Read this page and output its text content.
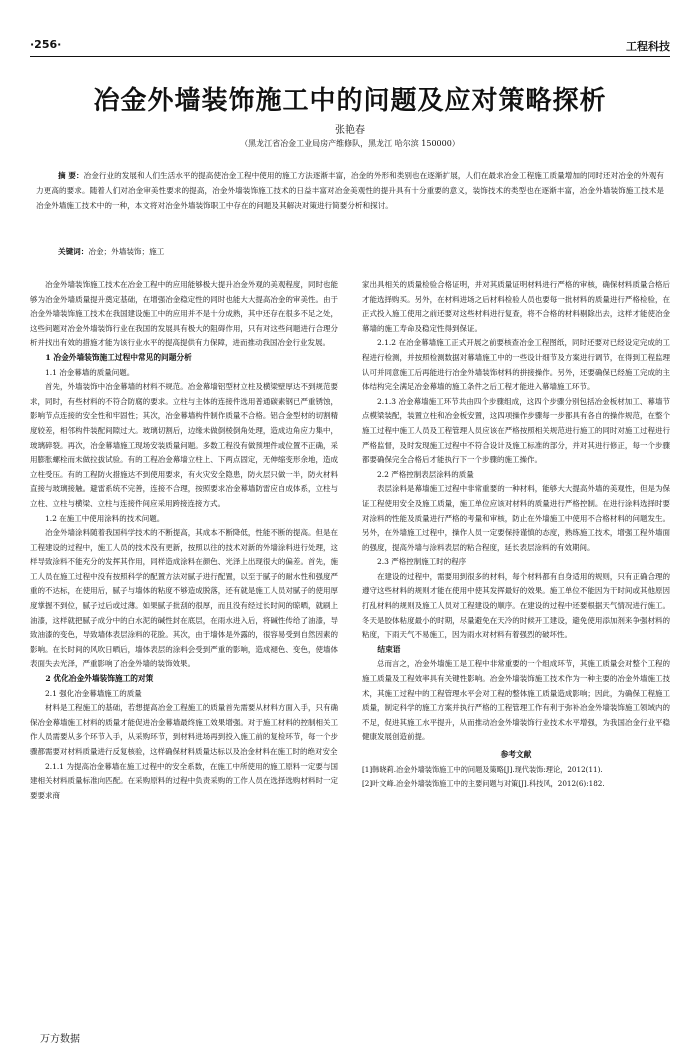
·256·	工程科技
冶金外墙装饰施工中的问题及应对策略探析
张艳春
（黑龙江省冶金工业局房产维修队，黑龙江 哈尔滨 150000）

摘 要：冶金行业的发展和人们生活水平的提高使冶金工程中使用的施工方法逐渐丰富，冶金的外形和类别也在逐渐扩展，人们在最求冶金工程施工质量增加的同时还对冶金的外观有力更高的要求。随着人们对冶金审美性要求的提高，冶金外墙装饰施工技术的日益丰富对冶金美观性的提升具有十分重要的意义，装饰技术的类型也在逐渐丰富，冶金外墙装饰施工技术是冶金外墙施工技术中的一种，本文将对冶金外墙装饰职工中存在的问题及其解决对策进行简要分析和探讨。

关键词：冶金；外墙装饰；施工

冶金外墙装饰施工技术在冶金工程中的应用能够极大提升冶金外观的美观程度，同时也能够为冶金外墙质量提升奠定基础，在增强冶金稳定性的同时也能大大提高冶金的审美性。由于冶金外墙装饰施工技术在我国建设施工中的应用并不是十分成熟，其中还存在很多不足之处，这些问题对冶金外墙装饰行业在我国的发展具有极大的阻碍作用，只有对这些问题进行合理分析并找出有效的措施才能为该行业水平的提高提供有力保障，进而推动我国冶金行业发展。

1 冶金外墙装饰施工过程中常见的问题分析
1.1 冶金幕墙的质量问题。

首先，外墙装饰中冶金幕墙的材料不规范。冶金幕墙铝型材立柱及横梁壁厚达不到规范要求，同时，有些材料的不符合防腐的要求。立柱与主体的连接件选用普通碳素钢已严重锈蚀，影响节点连接的安全性和牢固性；其次，冶金幕墙构件制作质量不合格。铝合金型材的切割精度较差，相邻构件装配间隙过大。玻璃切割后，边缘未做倒棱倒角处理，造成边角应力集中，玻璃碎裂。再次，冶金幕墙施工现场安装质量问题。多数工程没有做预埋件或位置不正确，采用膨胀螺栓而未做拉拔试验。有的工程冶金幕墙立柱上、下两点固定，无伸缩变形余地，造成立柱受压。有的工程防火措施达不到使用要求，有火灾安全隐患，防火层只做一半，防火材料直接与玻璃接触。避雷系统不完善，连接不合理，按照要求冶金幕墙防雷应自成体系，立柱与立柱、立柱与横梁、立柱与连接件间应采用跨接连接方式。

1.2 在施工中使用涂料的技术问题。

冶金外墙涂料随着我国科学技术的不断提高，其成本不断降低，性能不断的提高。但是在工程建设的过程中，施工人员的技术没有更新，按照以往的技术对新的外墙涂料进行处理，这样导致涂料不能充分的发挥其作用，同样造成涂料在颜色、光泽上出现很大的偏差。首先，施工人员在施工过程中没有按照科学的配置方法对腻子进行配置，以至于腻子的耐水性和强度严重的不达标，在使用后，腻子与墙体的粘度不够造成脱落，还有就是施工人员对腻子的使用厚度掌握不到位，腻子过后或过薄。如果腻子批刮的很厚，而且没有经过长时间的晾晒，就刷上油漆，这样就把腻子成分中的白水泥的碱性封在底层，在雨水进入后，将碱性传给了油漆，导致油漆的变色，导致墙体表层涂料的花脸。其次，由于墙体是外露的，很容易受到自然因素的影响。在长时间的风吹日晒后，墙体表层的涂料会受到严重的影响，造成褪色、变色，使墙体表面失去光泽，严重影响了冶金外墙的装饰效果。

2 优化冶金外墙装饰施工的对策
2.1 强化冶金幕墙施工的质量

材料是工程施工的基础，若想提高冶金工程施工的质量首先需要从材料方面入手，只有确保冶金幕墙施工材料的质量才能促进冶金幕墙最终施工效果增强。对于施工材料的控制相关工作人员需要从多个环节入手，从采购环节，到材料进场再到投入施工前的复检环节，每一个步骤都需要对材料质量进行反复核验，这样确保材料质量达标以及冶金材料在施工时的绝对安全

2.1.1 为提高冶金幕墙在施工过程中的安全系数，在施工中所使用的施工原料一定要与国建相关材料质量标准向匹配。在采购原料的过程中负责采购的工作人员在选择选购材料时一定要要求商

家出具相关的质量检验合格证明，并对其质量证明材料进行严格的审核，确保材料质量合格后才能选择购买。另外，在材料进场之后材料检验人员也要每一批材料的质量进行严格检验，在正式投入施工使用之前还要对这些材料进行复查，将不合格的材料剔除出去，这样才能使冶金幕墙的施工寿命及稳定性得到保证。

2.1.2 在冶金幕墙施工正式开展之前要核查冶金工程图纸，同时还要对已经设定完成的工程进行检测，并按照检测数据对幕墙施工中的一些设计细节及方案进行调节，在得到工程监理认可并同意施工后再能进行冶金外墙装饰材料的拼接操作。另外，还要确保已经施工完成的主体结构完全满足冶金幕墙的施工条件之后工程才能进入幕墙施工环节。

2.1.3 冶金幕墙施工环节共由四个步骤组成，这四个步骤分别包括冶金板材加工、幕墙节点模梁装配，装置立柱和冶金板安置，这四项操作步骤每一步都具有各自的操作规范，在整个施工过程中施工人员及工程管理人员应该在严格按照相关规范进行施工的同时对施工过程进行严格监督，及时发现施工过程中不符合设计及施工标准的部分，并对其进行修正，每一个步骤都要确保完全合格后才能执行下一个步骤的施工操作。

2.2 严格控制表层涂料的质量

表层涂料是幕墙施工过程中非常重要的一种材料，能够大大提高外墙的美观性，但是为保证工程使用安全及施工质量，施工单位应该对材料的质量进行严格控制。在进行涂料选择时要对涂料的性能及质量进行严格的考量和审核，防止在外墙施工中使用不合格材料的问题发生。另外，在外墙施工过程中，操作人员一定要保持谨慎的态度，熟练施工技术，增强工程外墙面的强度，提高外墙与涂料表层的粘合程度，延长表层涂料的有效期间。

2.3 严格控制施工时的程序

在建设的过程中，需要用到很多的材料，每个材料都有自身适用的规则，只有正确合理的遵守这些材料的规则才能在使用中使其发挥最好的效果。施工单位不能因为干时间或其他原因打乱材料的规则及施工人员对工程建设的顺序。在建设的过程中还要根据天气情况进行施工。冬天是胶体粘度最小的时期，尽量避免在天冷的时候开工建设，避免使用添加剂来争强材料的粘度，下雨天气不易施工，因为雨水对材料有着强烈的破坏性。

结束语

总而言之，冶金外墙施工是工程中非常重要的一个组成环节，其施工质量会对整个工程的施工质量及工程效率具有关键性影响。冶金外墙装饰施工技术作为一种主要的冶金外墙施工技术，其施工过程中的工程管理水平会对工程的整体施工质量造成影响；因此，为确保工程施工质量，制定科学的施工方案并执行严格的工程管理工作有利于弥补冶金外墙装饰施工领域内的不足，促进其施工水平提升，从而推动冶金外墙装饰行业技术水平增强，为我国冶金行业平稳健康发展创造前提。

参考文献

[1]韩晓莉.冶金外墙装饰施工中的问题及策略[J].现代装饰:理论，2012(11).

[2]叶文峰.冶金外墙装饰施工中的主要问题与对策[J].科技风，2012(6):182.

万方数据
